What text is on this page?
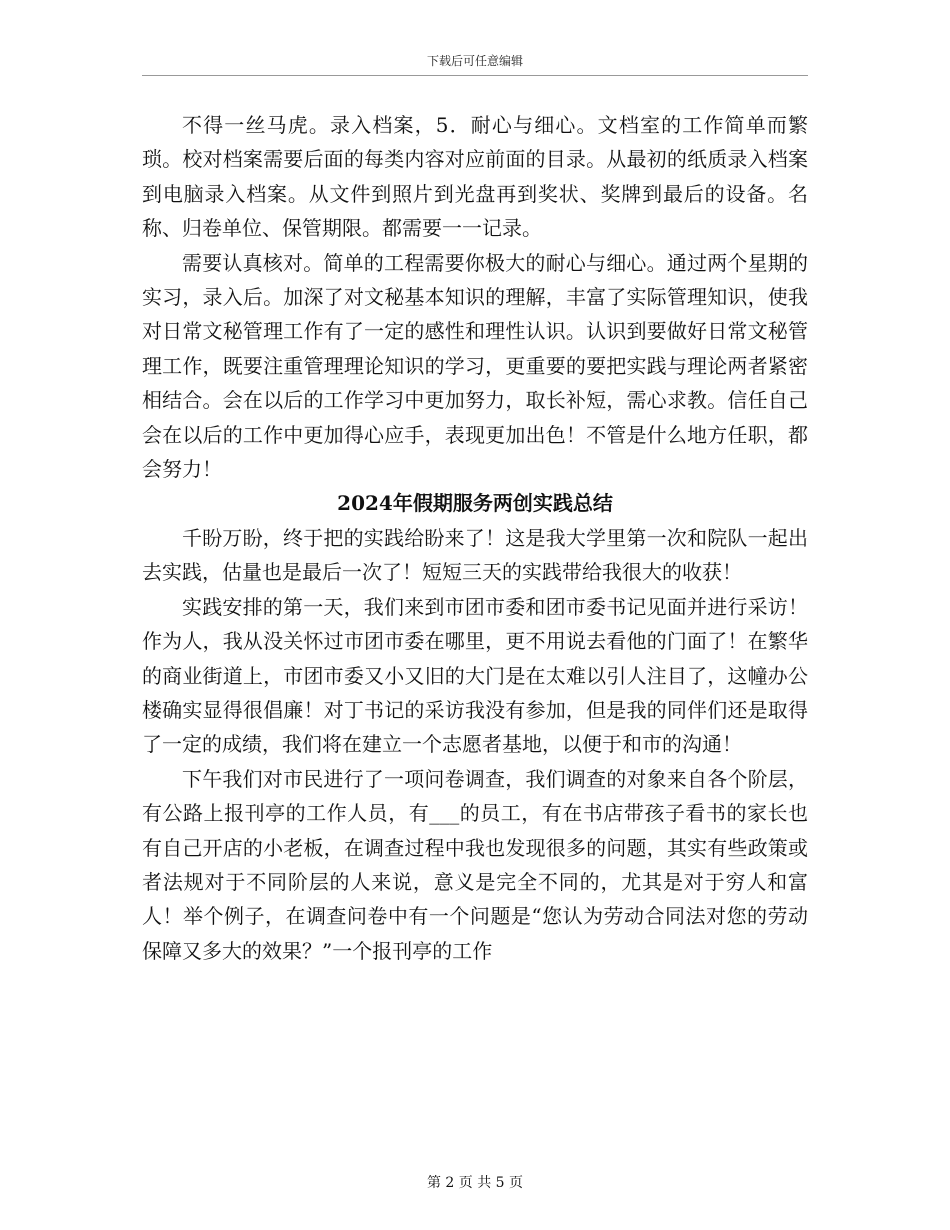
下载后可任意编辑

不得一丝马虎。录入档案，5．耐心与细心。文档室的工作简单而繁琐。校对档案需要后面的每类内容对应前面的目录。从最初的纸质录入档案到电脑录入档案。从文件到照片到光盘再到奖状、奖牌到最后的设备。名称、归卷单位、保管期限。都需要一一记录。

需要认真核对。简单的工程需要你极大的耐心与细心。通过两个星期的实习，录入后。加深了对文秘基本知识的理解，丰富了实际管理知识，使我对日常文秘管理工作有了一定的感性和理性认识。认识到要做好日常文秘管理工作，既要注重管理理论知识的学习，更重要的要把实践与理论两者紧密相结合。会在以后的工作学习中更加努力，取长补短，需心求教。信任自己会在以后的工作中更加得心应手，表现更加出色！不管是什么地方任职，都会努力！

2024年假期服务两创实践总结

千盼万盼，终于把的实践给盼来了！这是我大学里第一次和院队一起出去实践，估量也是最后一次了！短短三天的实践带给我很大的收获！

实践安排的第一天，我们来到市团市委和团市委书记见面并进行采访！作为人，我从没关怀过市团市委在哪里，更不用说去看他的门面了！在繁华的商业街道上，市团市委又小又旧的大门是在太难以引人注目了，这幢办公楼确实显得很倡廉！对丁书记的采访我没有参加，但是我的同伴们还是取得了一定的成绩，我们将在建立一个志愿者基地，以便于和市的沟通！

下午我们对市民进行了一项问卷调查，我们调查的对象来自各个阶层，有公路上报刊亭的工作人员，有___的员工，有在书店带孩子看书的家长也有自己开店的小老板，在调查过程中我也发现很多的问题，其实有些政策或者法规对于不同阶层的人来说，意义是完全不同的，尤其是对于穷人和富人！举个例子，在调查问卷中有一个问题是“您认为劳动合同法对您的劳动保障又多大的效果？”一个报刊亭的工作

第 2 页 共 5 页
